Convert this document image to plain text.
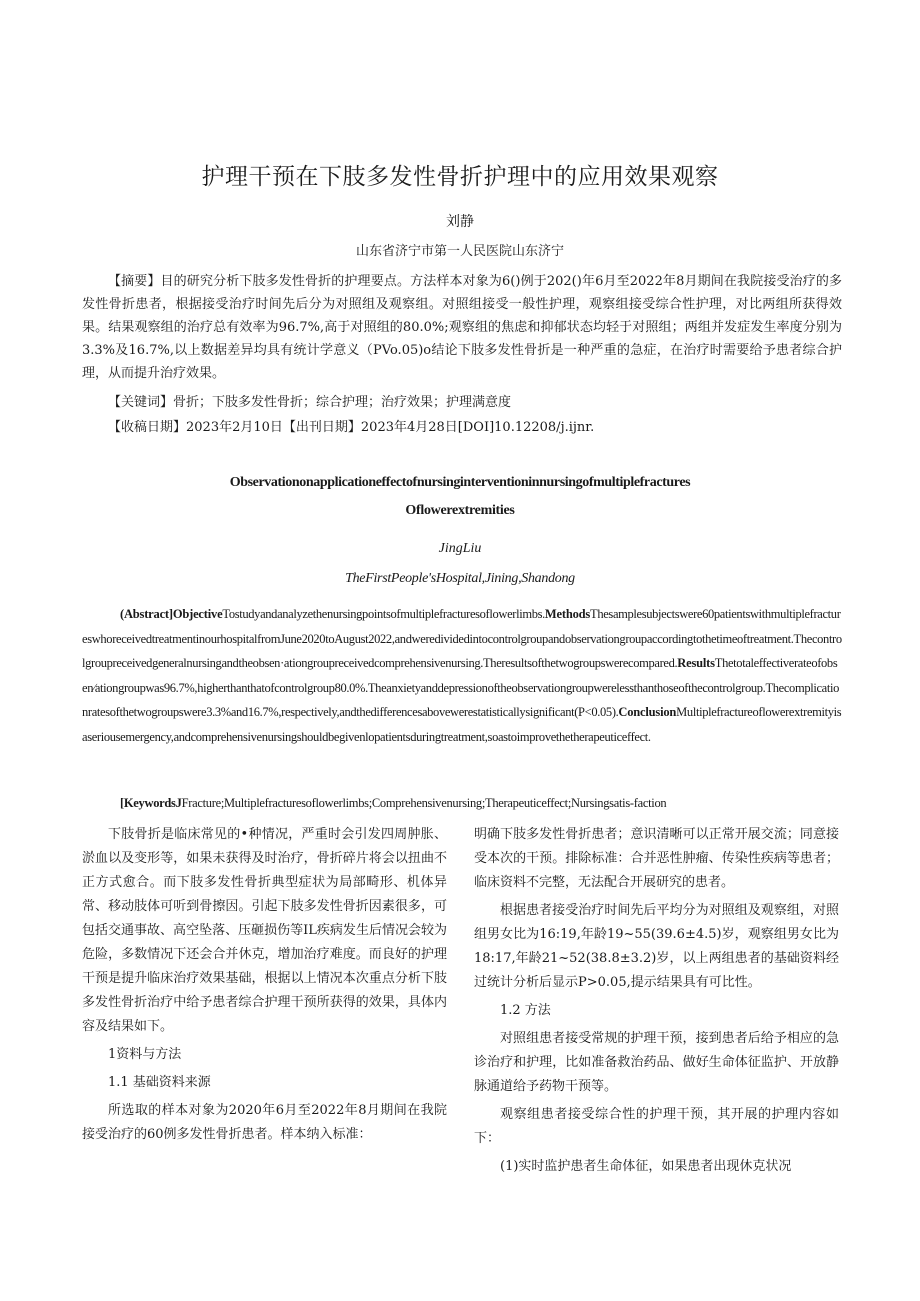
护理干预在下肢多发性骨折护理中的应用效果观察
刘静
山东省济宁市第一人民医院山东济宁

【摘要】目的研究分析下肢多发性骨折的护理要点。方法样本对象为6()例于202()年6月至2022年8月期间在我院接受治疗的多发性骨折患者，根据接受治疗时间先后分为对照组及观察组。对照组接受一般性护理，观察组接受综合性护理，对比两组所获得效果。结果观察组的治疗总有效率为96.7%,高于对照组的80.0%;观察组的焦虑和抑郁状态均轻于对照组；两组并发症发生率度分别为3.3%及16.7%,以上数据差异均具有统计学意义（PVo.05)o结论下肢多发性骨折是一种严重的急症，在治疗时需要给予患者综合护理，从而提升治疗效果。

【关键词】骨折；下肢多发性骨折；综合护理；治疗效果；护理满意度

【收稿日期】2023年2月10日【出刊日期】2023年4月28日[DOI]10.12208/j.ijnr.

Observationonapplicationeffectofnursinginterventioninnursingofmultiplefractures
Oflowerextremities
JingLiu
TheFirstPeople'sHospital,Jining,Shandong

(Abstract]ObjectiveTostudyandanalyzethenursingpointsofmultiplefracturesoflowerlimbs.MethodsThesamplesubjectswere60patientswithmultiplefractureswhoreceivedtreatmentinourhospitalfromJune2020toAugust2022,andweredividedintocontrolgroupandobservationgroupaccordingtothetimeoftreatment.Thecontrolgroupreceivedgeneralnursingandtheobsen·ationgroupreceivedcomprehensivenursing.Theresultsofthetwogroupswerecompared.ResultsThetotaleffectiverateofobsen∕ationgroupwas96.7%,higherthanthatofcontrolgroup80.0%.Theanxietyanddepressionoftheobservationgroupwerelessthanthoseofthecontrolgroup.Thecomplicationratesofthetwogroupswere3.3%and16.7%,respectively,andthedifferencesabovewerestatisticallysignificant(P<0.05).ConclusionMultiplefractureoflowerextremityisaseriousemergency,andcomprehensivenursingshouldbegivenlopatientsduringtreatment,soastoimprovethetherapeuticeffect.

[KeywordsJFracture;Multiplefracturesoflowerlimbs;Comprehensivenursing;Therapeuticeffect;Nursingsatis-faction

下肢骨折是临床常见的•种情况，严重时会引发四周肿胀、淤血以及变形等，如果未获得及时治疗，骨折碎片将会以扭曲不正方式愈合。而下肢多发性骨折典型症状为局部畸形、机体异常、移动肢体可听到骨擦因。引起下肢多发性骨折因素很多，可包括交通事故、高空坠落、压砸损伤等IL疾病发生后情况会较为危险，多数情况下还会合并休克，增加治疗难度。而良好的护理干预是提升临床治疗效果基础，根据以上情况本次重点分析下肢多发性骨折治疗中给予患者综合护理干预所获得的效果，具体内容及结果如下。

1资料与方法

1.1 基础资料来源

所选取的样本对象为2020年6月至2022年8月期间在我院接受治疗的60例多发性骨折患者。样本纳入标准：

明确下肢多发性骨折患者；意识清晰可以正常开展交流；同意接受本次的干预。排除标准：合并恶性肿瘤、传染性疾病等患者；临床资料不完整，无法配合开展研究的患者。

根据患者接受治疗时间先后平均分为对照组及观察组，对照组男女比为16:19,年龄19~55(39.6±4.5)岁，观察组男女比为18:17,年龄21~52(38.8±3.2)岁，以上两组患者的基础资料经过统计分析后显示P>0.05,提示结果具有可比性。

1.2 方法

对照组患者接受常规的护理干预，接到患者后给予相应的急诊治疗和护理，比如准备救治药品、做好生命体征监护、开放静脉通道给予药物干预等。

观察组患者接受综合性的护理干预，其开展的护理内容如下：

(1)实时监护患者生命体征，如果患者出现休克状况
